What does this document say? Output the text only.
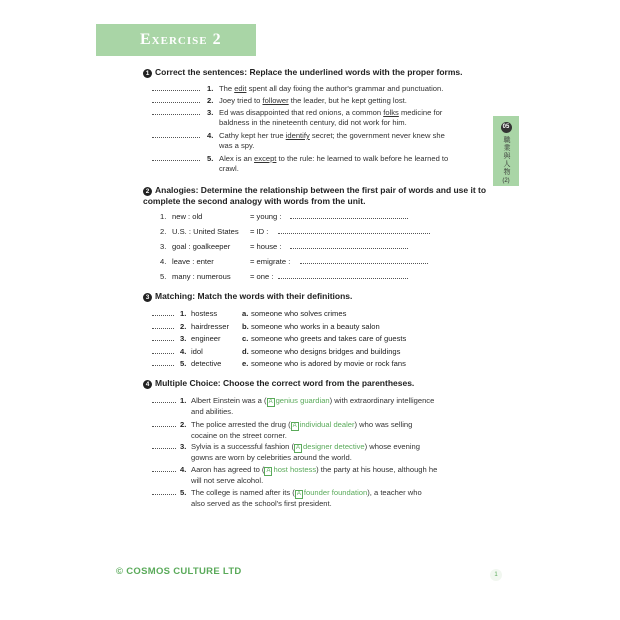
Exercise 2
05
職業與人物
(2)
1 Correct the sentences: Replace the underlined words with the proper forms.
1. The edit spent all day fixing the author's grammar and punctuation.
2. Joey tried to follower the leader, but he kept getting lost.
3. Ed was disappointed that red onions, a common folks medicine for
baldness in the nineteenth century, did not work for him.
4. Cathy kept her true identify secret; the government never knew she
was a spy.
5. Alex is an except to the rule: he learned to walk before he learned to
crawl.
2 Analogies: Determine the relationship between the first pair of words and use it to complete the second analogy with words from the unit.
1. new : old	= young :
2. U.S. : United States = ID :
3. goal : goalkeeper	= house :
4. leave : enter	= emigrate :
5. many : numerous	= one :
3 Matching: Match the words with their definitions.
1. hostess	a. someone who solves crimes
2. hairdresser b. someone who works in a beauty salon
3. engineer	c. someone who greets and takes care of guests
4. idol	d. someone who designs bridges and buildings
5. detective	e. someone who is adored by movie or rock fans
4 Multiple Choice: Choose the correct word from the parentheses.
1. Albert Einstein was a ( A genius guardian) with extraordinary intelligence
and abilities.
2. The police arrested the drug ( A individual dealer) who was selling
cocaine on the street corner.
3. Sylvia is a successful fashion ( A designer detective) whose evening
gowns are worn by celebrities around the world.
4. Aaron has agreed to ( A host hostess) the party at his house, although he
will not serve alcohol.
5. The college is named after its ( A founder foundation), a teacher who
also served as the school's first president.
© COSMOS CULTURE LTD	1
